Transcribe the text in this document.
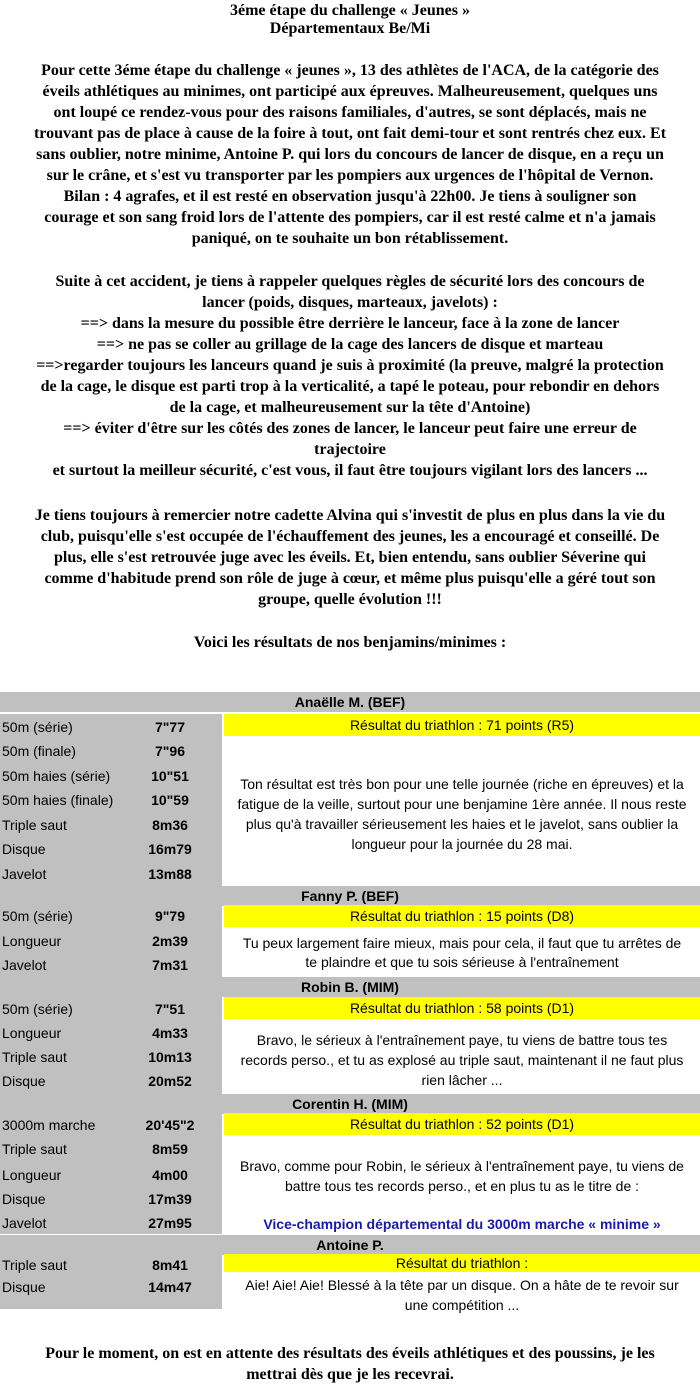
3éme étape du challenge « Jeunes »
Départementaux Be/Mi
Pour cette 3éme étape du challenge « jeunes », 13 des athlètes de l'ACA, de la catégorie des
éveils athlétiques au minimes, ont participé aux épreuves. Malheureusement, quelques uns
ont loupé ce rendez-vous pour des raisons familiales, d'autres, se sont déplacés, mais ne
trouvant pas de place à cause de la foire à tout, ont fait demi-tour et sont rentrés chez eux. Et
sans oublier, notre minime, Antoine P. qui lors du concours de lancer de disque, en a reçu un
sur le crâne, et s'est vu transporter par les pompiers aux urgences de l'hôpital de Vernon.
Bilan : 4 agrafes, et il est resté en observation jusqu'à 22h00. Je tiens à souligner son
courage et son sang froid lors de l'attente des pompiers, car il est resté calme et n'a jamais
paniqué, on te souhaite un bon rétablissement.
Suite à cet accident, je tiens à rappeler quelques règles de sécurité lors des concours de
lancer (poids, disques, marteaux, javelots) :
==> dans la mesure du possible être derrière le lanceur, face à la zone de lancer
==> ne pas se coller au grillage de la cage des lancers de disque et marteau
==>regarder toujours les lanceurs quand je suis à proximité (la preuve, malgré la protection
de la cage, le disque est parti trop à la verticalité, a tapé le poteau, pour rebondir en dehors
de la cage, et malheureusement sur la tête d'Antoine)
==> éviter d'être sur les côtés des zones de lancer, le lanceur peut faire une erreur de
trajectoire
et surtout la meilleur sécurité, c'est vous, il faut être toujours vigilant lors des lancers ...
Je tiens toujours à remercier notre cadette Alvina qui s'investit de plus en plus dans la vie du
club, puisqu'elle s'est occupée de l'échauffement des jeunes, les a encouragé et conseillé. De
plus, elle s'est retrouvée juge avec les éveils. Et, bien entendu, sans oublier Séverine qui
comme d'habitude prend son rôle de juge à cœur, et même plus puisqu'elle a géré tout son
groupe, quelle évolution !!!
Voici les résultats de nos benjamins/minimes :
Anaëlle M. (BEF)
50m (série)	7"77
50m (finale)	7"96
50m haies (série)	10"51
50m haies (finale)	10"59
Triple saut	8m36
Disque	16m79
Javelot	13m88
Résultat du triathlon : 71 points (R5)
Ton résultat est très bon pour une telle journée (riche en épreuves) et la
fatigue de la veille, surtout pour une benjamine 1ère année. Il nous reste
plus qu'à travailler sérieusement les haies et le javelot, sans oublier la
longueur pour la journée du 28 mai.
Fanny P. (BEF)
50m (série)	9"79
Longueur	2m39
Javelot	7m31
Résultat du triathlon : 15 points (D8)
Tu peux largement faire mieux, mais pour cela, il faut que tu arrêtes de
te plaindre et que tu sois sérieuse à l'entraînement
Robin B. (MIM)
50m (série)	7"51
Longueur	4m33
Triple saut	10m13
Disque	20m52
Résultat du triathlon : 58 points (D1)
Bravo, le sérieux à l'entraînement paye, tu viens de battre tous tes
records perso., et tu as explosé au triple saut, maintenant il ne faut plus
rien lâcher ...
Corentin H. (MIM)
3000m marche	20'45"2
Triple saut	8m59
Longueur	4m00
Disque	17m39
Javelot	27m95
Résultat du triathlon : 52 points (D1)
Bravo, comme pour Robin, le sérieux à l'entraînement paye, tu viens de
battre tous tes records perso., et en plus tu as le titre de :
Vice-champion départemental du 3000m marche « minime »
Antoine P.
Triple saut	8m41
Disque	14m47
Résultat du triathlon :
Aie! Aie! Aie! Blessé à la tête par un disque. On a hâte de te revoir sur
une compétition ...
Pour le moment, on est en attente des résultats des éveils athlétiques et des poussins, je les
mettrai dès que je les recevrai.
